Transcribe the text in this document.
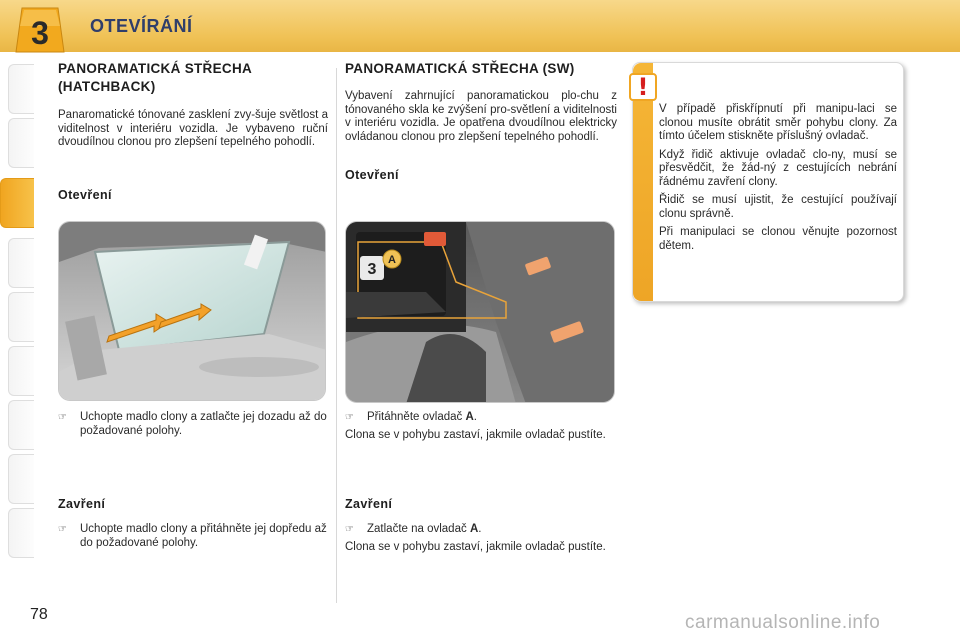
3 OTEVÍRÁNÍ
PANORAMATICKÁ STŘECHA (HATCHBACK)

Panaromatické tónované zasklení zvy-šuje světlost a viditelnost v interiéru vozidla. Je vybaveno ruční dvoudílnou clonou pro zlepšení tepelného pohodlí.

Otevření
☞	Uchopte madlo clony a zatlačte jej dozadu až do požadované polohy.
Zavření
☞	Uchopte madlo clony a přitáhněte jej dopředu až do požadované polohy.
PANORAMATICKÁ STŘECHA (SW)

Vybavení zahrnující panoramatickou plo-chu z tónovaného skla ke zvýšení pro-světlení a viditelnosti v interiéru vozidla. Je opatřena dvoudílnou elektricky ovládanou clonou pro zlepšení tepelného pohodlí.

Otevření
3
A
☞	Přitáhněte ovladač A.

Clona se v pohybu zastaví, jakmile ovladač pustíte.

Zavření
☞	Zatlačte na ovladač A.

Clona se v pohybu zastaví, jakmile ovladač pustíte.

!

V případě přiskřípnutí při manipu-laci se clonou musíte obrátit směr pohybu clony. Za tímto účelem stiskněte příslušný ovladač.

Když řidič aktivuje ovladač clo-ny, musí se přesvědčit, že žád-ný z cestujících nebrání řádnému zavření clony.

Řidič se musí ujistit, že cestující používají clonu správně.

Při manipulaci se clonou věnujte pozornost dětem.

78	carmanualsonline.info
